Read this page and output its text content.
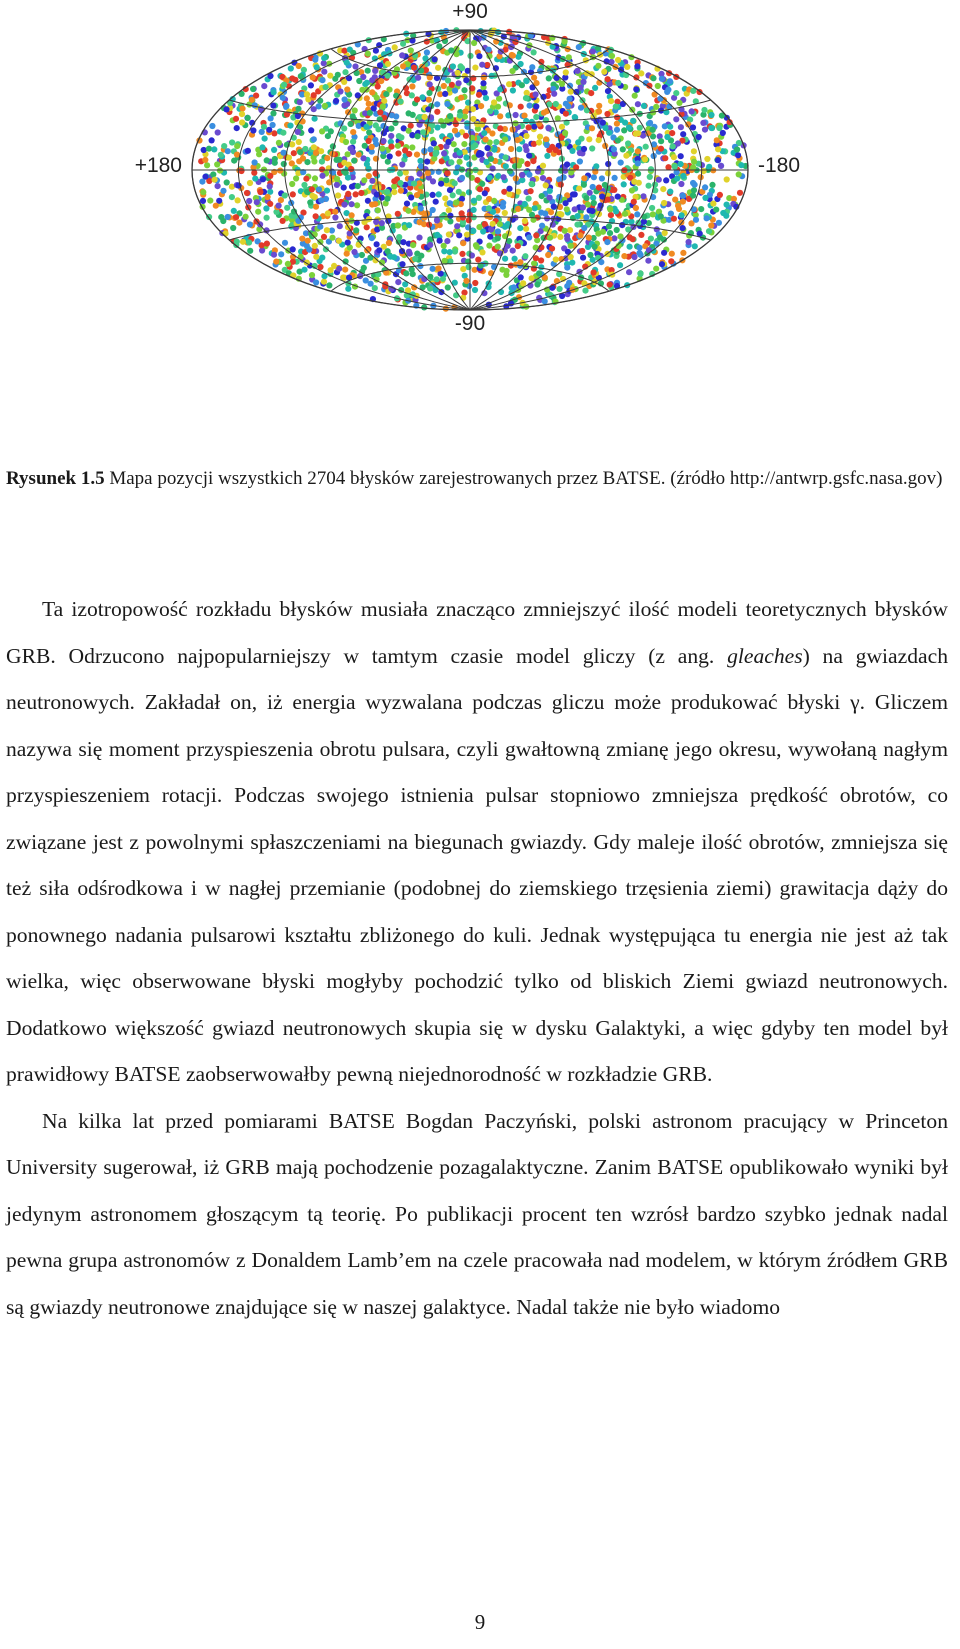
+90
-90
+180	-180
Rysunek 1.5 Mapa pozycji wszystkich 2704 błysków zarejestrowanych przez BATSE. (źródło http://antwrp.gsfc.nasa.gov)

Ta izotropowość rozkładu błysków musiała znacząco zmniejszyć ilość modeli teoretycznych błysków GRB. Odrzucono najpopularniejszy w tamtym czasie model gliczy (z ang. gleaches) na gwiazdach neutronowych. Zakładał on, iż energia wyzwalana podczas gliczu może produkować błyski γ. Gliczem nazywa się moment przyspieszenia obrotu pulsara, czyli gwałtowną zmianę jego okresu, wywołaną nagłym przyspieszeniem rotacji. Podczas swojego istnienia pulsar stopniowo zmniejsza prędkość obrotów, co związane jest z powolnymi spłaszczeniami na biegunach gwiazdy. Gdy maleje ilość obrotów, zmniejsza się też siła odśrodkowa i w nagłej przemianie (podobnej do ziemskiego trzęsienia ziemi) grawitacja dąży do ponownego nadania pulsarowi kształtu zbliżonego do kuli. Jednak występująca tu energia nie jest aż tak wielka, więc obserwowane błyski mogłyby pochodzić tylko od bliskich Ziemi gwiazd neutronowych. Dodatkowo większość gwiazd neutronowych skupia się w dysku Galaktyki, a więc gdyby ten model był prawidłowy BATSE zaobserwowałby pewną niejednorodność w rozkładzie GRB.

Na kilka lat przed pomiarami BATSE Bogdan Paczyński, polski astronom pracujący w Princeton University sugerował, iż GRB mają pochodzenie pozagalaktyczne. Zanim BATSE opublikowało wyniki był jedynym astronomem głoszącym tą teorię. Po publikacji procent ten wzrósł bardzo szybko jednak nadal pewna grupa astronomów z Donaldem Lamb’em na czele pracowała nad modelem, w którym źródłem GRB są gwiazdy neutronowe znajdujące się w naszej galaktyce. Nadal także nie było wiadomo

9
